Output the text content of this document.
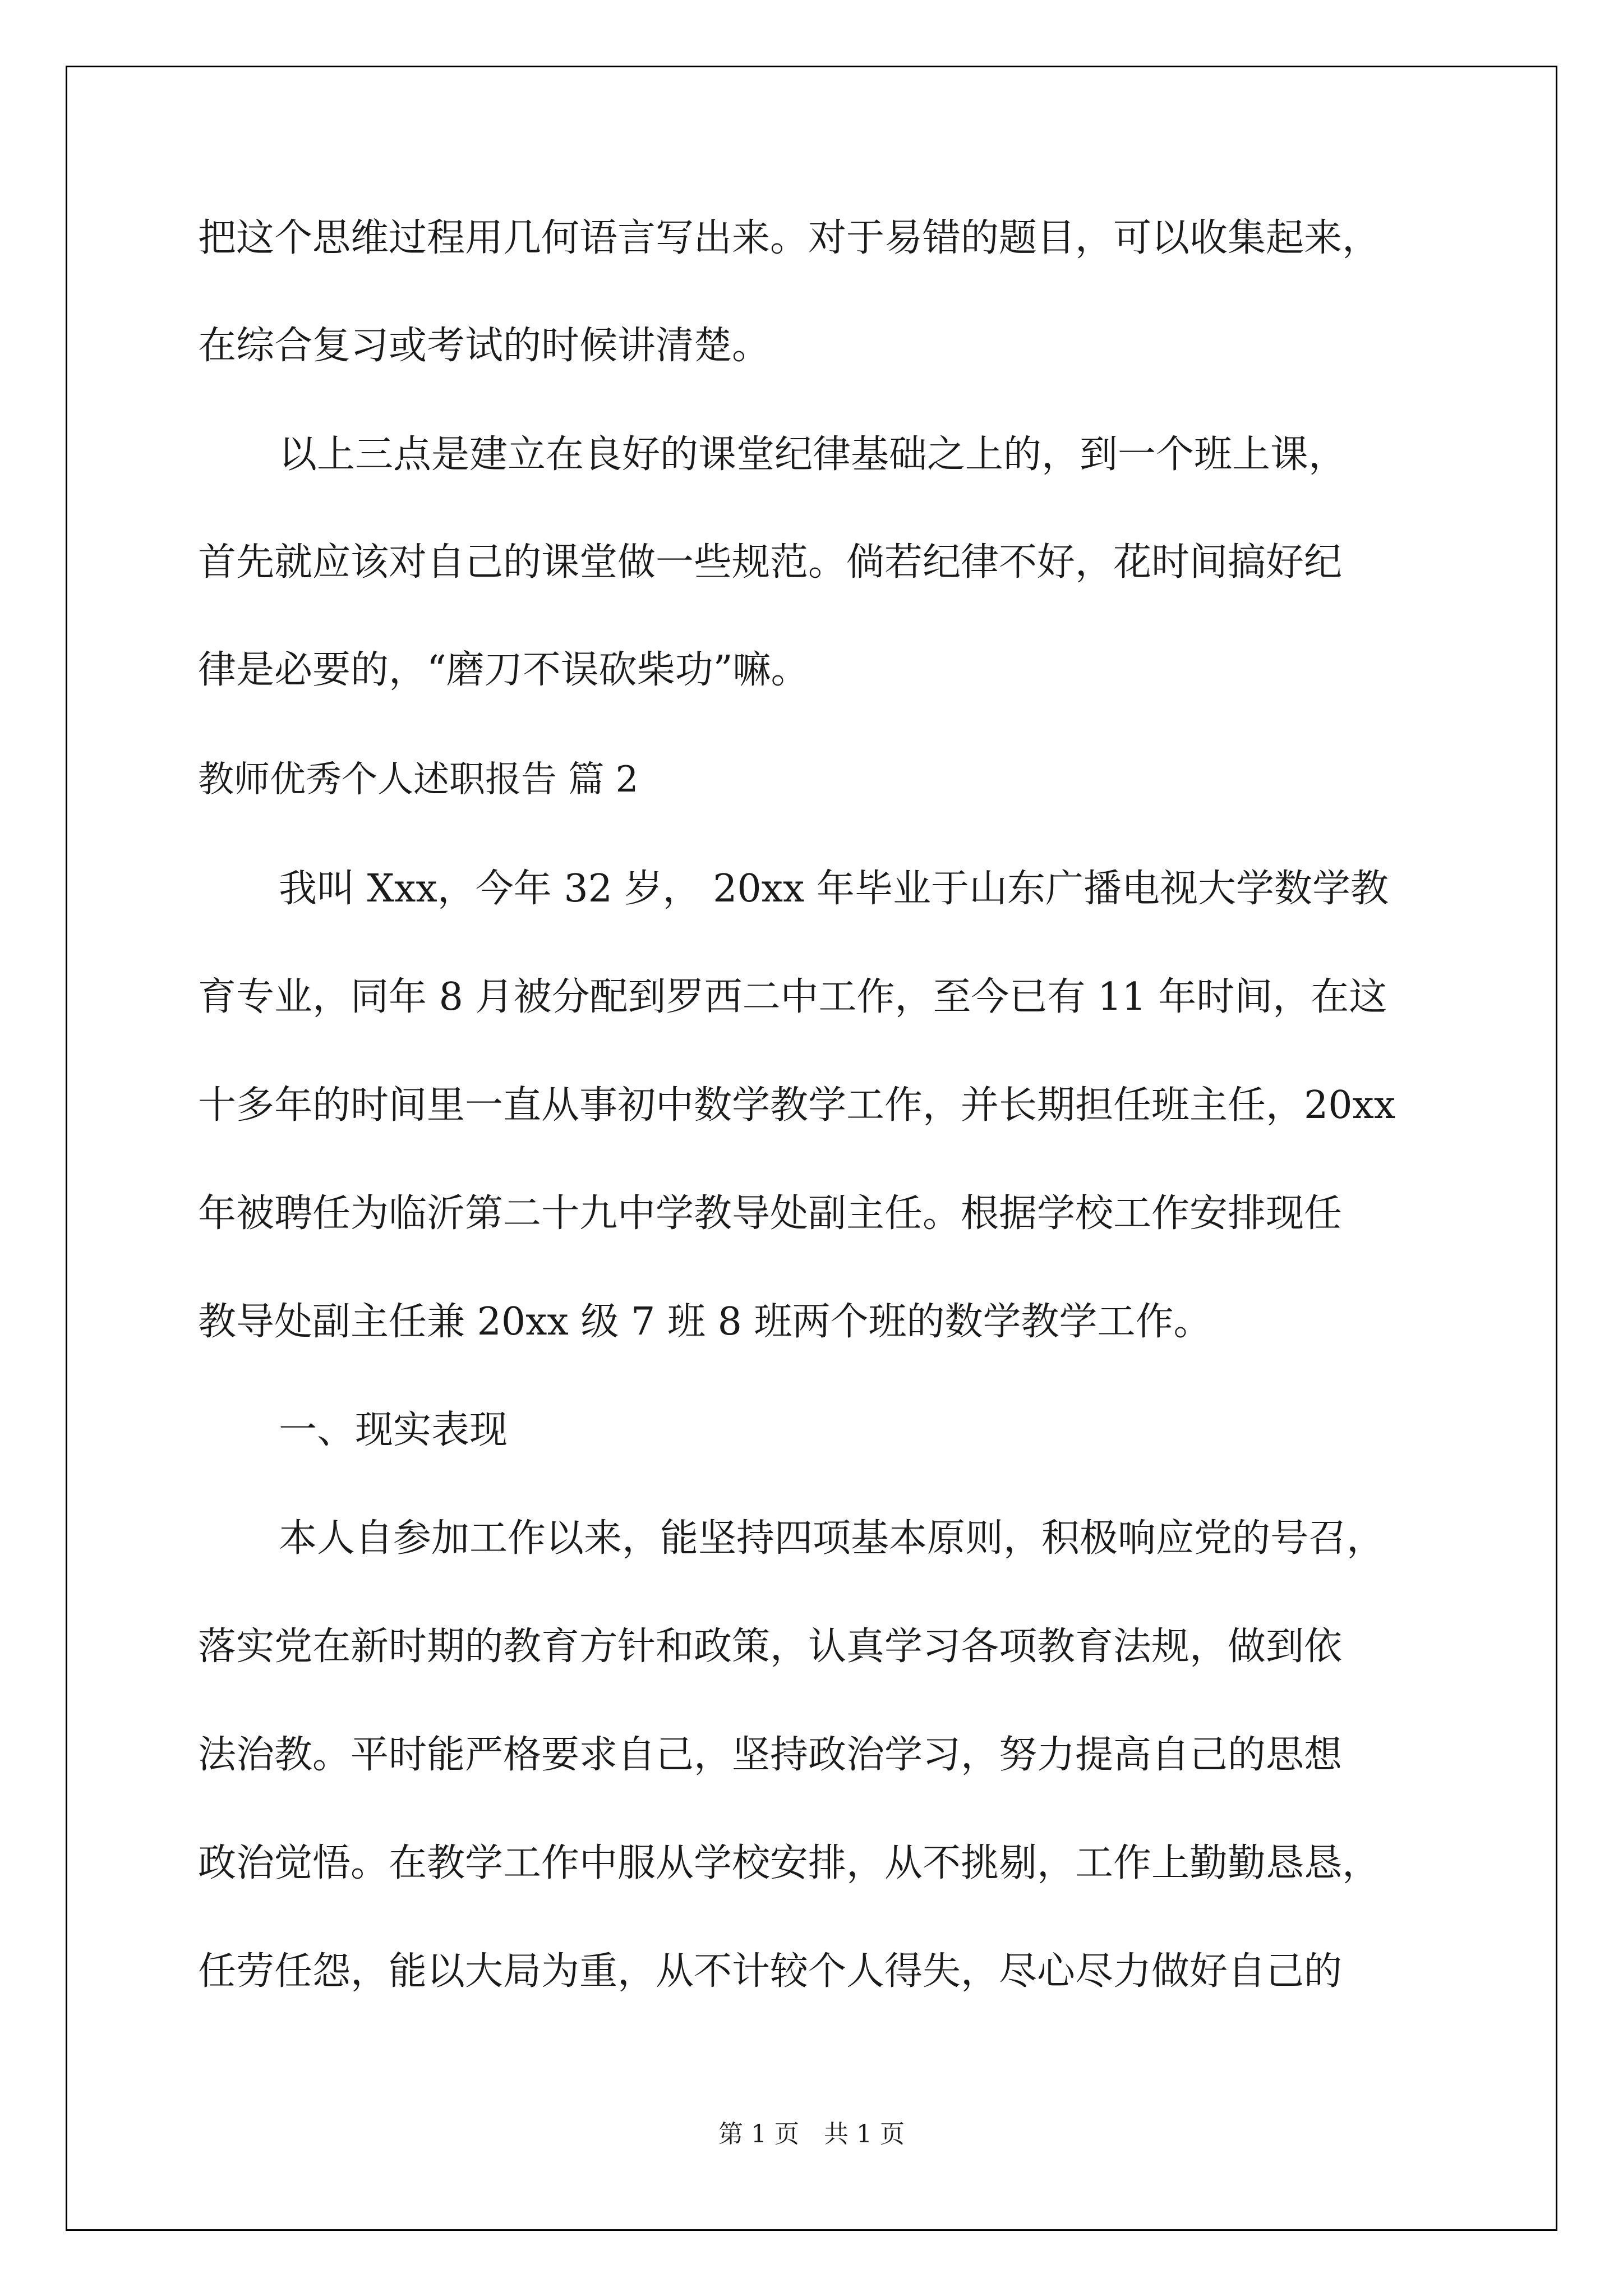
把这个思维过程用几何语言写出来。对于易错的题目，可以收集起来，

在综合复习或考试的时候讲清楚。

以上三点是建立在良好的课堂纪律基础之上的，到一个班上课，

首先就应该对自己的课堂做一些规范。倘若纪律不好，花时间搞好纪

律是必要的，“磨刀不误砍柴功”嘛。

教师优秀个人述职报告 篇 2

我叫 Xxx，今年 32 岁， 20xx 年毕业于山东广播电视大学数学教

育专业，同年 8 月被分配到罗西二中工作，至今已有 11 年时间，在这

十多年的时间里一直从事初中数学教学工作，并长期担任班主任，20xx

年被聘任为临沂第二十九中学教导处副主任。根据学校工作安排现任

教导处副主任兼 20xx 级 7 班 8 班两个班的数学教学工作。

一、现实表现

本人自参加工作以来，能坚持四项基本原则，积极响应党的号召，

落实党在新时期的教育方针和政策，认真学习各项教育法规，做到依

法治教。平时能严格要求自己，坚持政治学习，努力提高自己的思想

政治觉悟。在教学工作中服从学校安排，从不挑剔，工作上勤勤恳恳，

任劳任怨，能以大局为重，从不计较个人得失，尽心尽力做好自己的

第 1 页 共 1 页
